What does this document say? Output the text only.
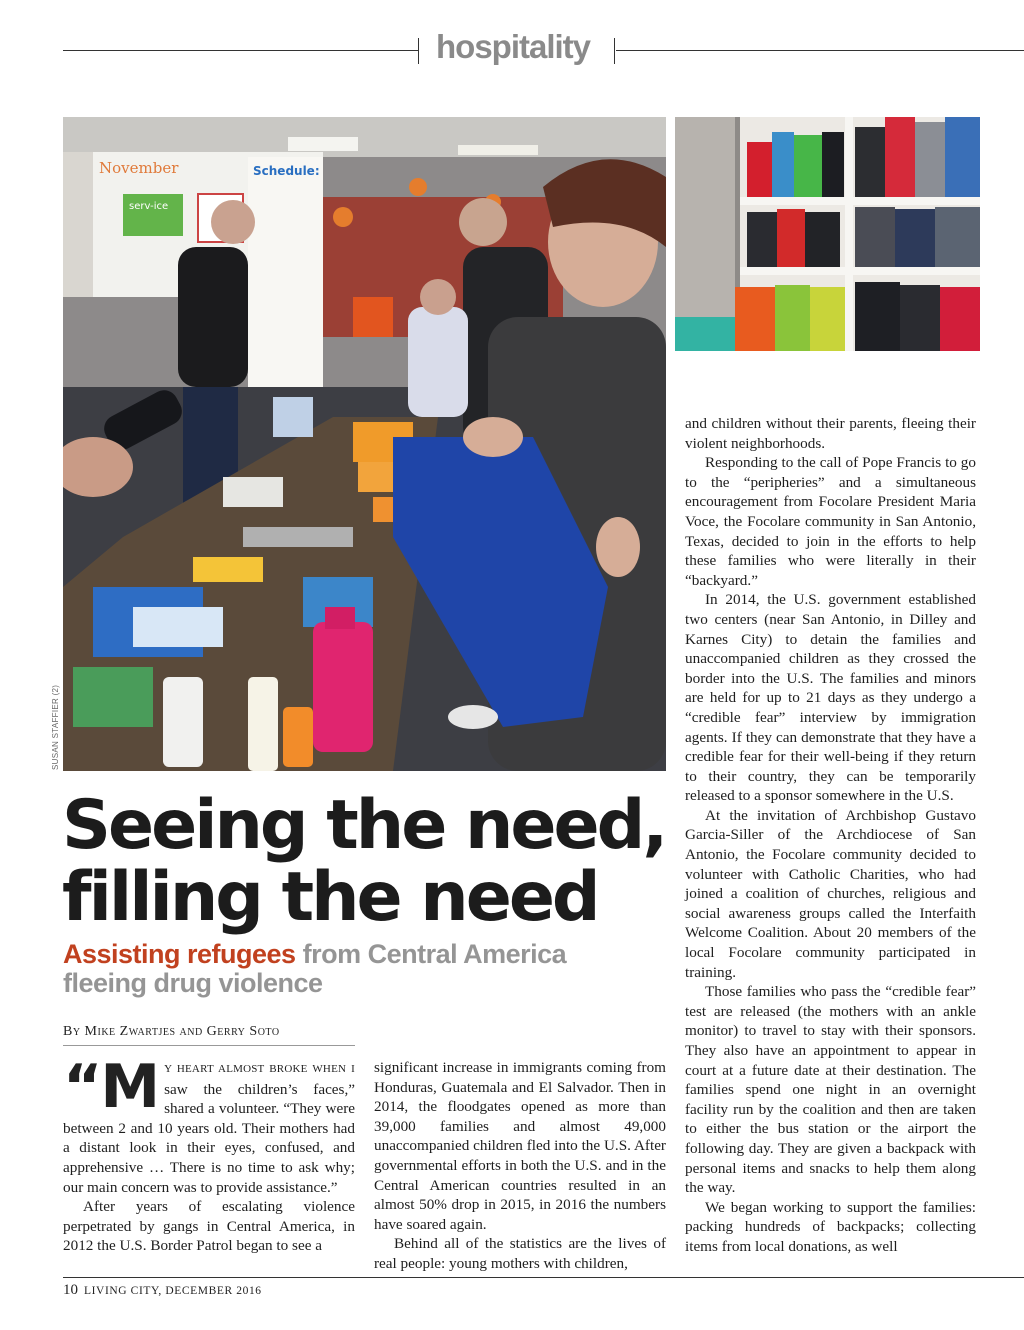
hospitality
November
serv-ice
Schedule:
SUSAN STAFFIER (2)
Seeing the need,
filling the need
Assisting refugees from Central America fleeing drug violence
By Mike Zwartjes and Gerry Soto

“M Y HEART ALMOST BROKE WHEN I saw the children’s faces,” shared a volunteer. “They were between 2 and 10 years old. Their mothers had a distant look in their eyes, confused, and apprehensive … There is no time to ask why; our main concern was to provide assistance.”

After years of escalating violence perpetrated by gangs in Central America, in 2012 the U.S. Border Patrol began to see a

significant increase in immigrants coming from Honduras, Guatemala and El Salvador. Then in 2014, the floodgates opened as more than 39,000 families and almost 49,000 unaccompanied children fled into the U.S. After governmental efforts in both the U.S. and in the Central American countries resulted in an almost 50% drop in 2015, in 2016 the numbers have soared again.

Behind all of the statistics are the lives of real people: young mothers with children,

and children without their parents, fleeing their violent neighborhoods.

Responding to the call of Pope Francis to go to the “peripheries” and a simultaneous encouragement from Focolare President Maria Voce, the Focolare community in San Antonio, Texas, decided to join in the efforts to help these families who were literally in their “backyard.”

In 2014, the U.S. government established two centers (near San Antonio, in Dilley and Karnes City) to detain the families and unaccompanied children as they crossed the border into the U.S. The families and minors are held for up to 21 days as they undergo a “credible fear” interview by immigration agents. If they can demonstrate that they have a credible fear for their well-being if they return to their country, they can be temporarily released to a sponsor somewhere in the U.S.

At the invitation of Archbishop Gustavo Garcia-Siller of the Archdiocese of San Antonio, the Focolare community decided to volunteer with Catholic Charities, who had joined a coalition of churches, religious and social awareness groups called the Interfaith Welcome Coalition. About 20 members of the local Focolare community participated in training.

Those families who pass the “credible fear” test are released (the mothers with an ankle monitor) to travel to stay with their sponsors. They also have an appointment to appear in court at a future date at their destination. The families spend one night in an overnight facility run by the coalition and then are taken to either the bus station or the airport the following day. They are given a backpack with personal items and snacks to help them along the way.

We began working to support the families: packing hundreds of backpacks; collecting items from local donations, as well

10 LIVING CITY, DECEMBER 2016
